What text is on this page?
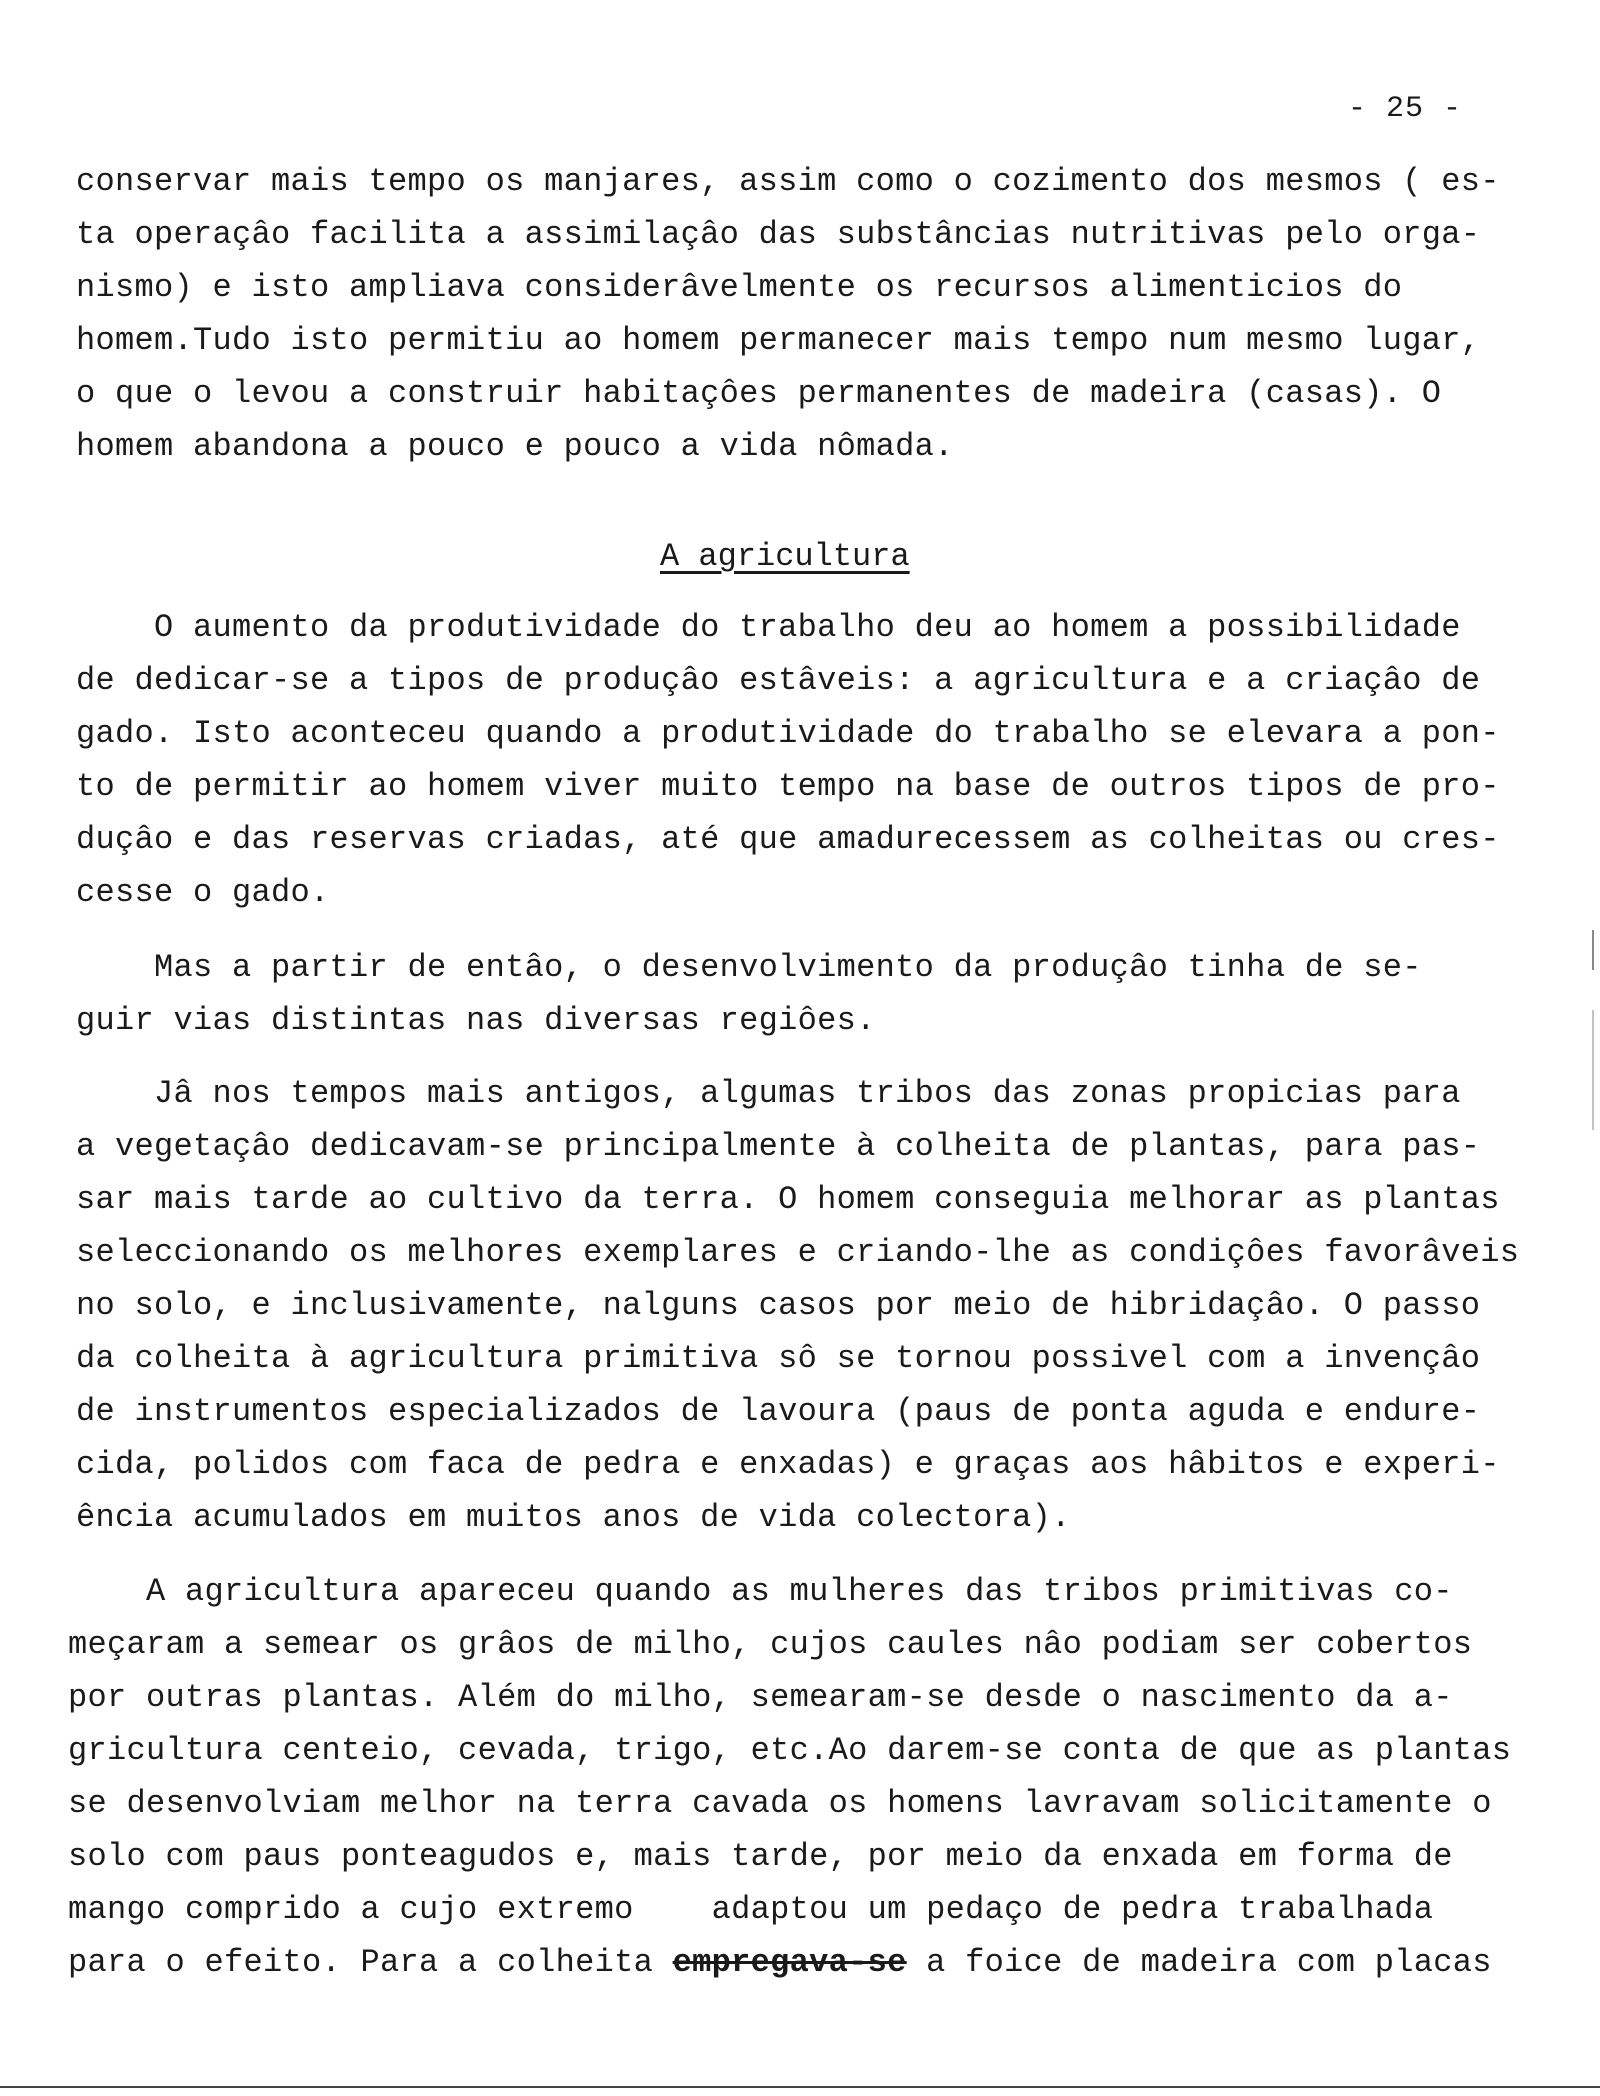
- 25 -
conservar mais tempo os manjares, assim como o cozimento dos mesmos ( es-
ta operaçâo facilita a assimilaçâo das substâncias nutritivas pelo orga-
nismo) e isto ampliava considerâvelmente os recursos alimenticios do
homem.Tudo isto permitiu ao homem permanecer mais tempo num mesmo lugar,
o que o levou a construir habitaçôes permanentes de madeira (casas). O
homem abandona a pouco e pouco a vida nômada.
A agricultura
O aumento da produtividade do trabalho deu ao homem a possibilidade
de dedicar-se a tipos de produçâo estâveis: a agricultura e a criaçâo de
gado. Isto aconteceu quando a produtividade do trabalho se elevara a pon-
to de permitir ao homem viver muito tempo na base de outros tipos de pro-
duçâo e das reservas criadas, até que amadurecessem as colheitas ou cres-
cesse o gado.
Mas a partir de entâo, o desenvolvimento da produçâo tinha de se-
guir vias distintas nas diversas regiôes.
Jâ nos tempos mais antigos, algumas tribos das zonas propicias para
a vegetaçâo dedicavam-se principalmente à colheita de plantas, para pas-
sar mais tarde ao cultivo da terra. O homem conseguia melhorar as plantas
seleccionando os melhores exemplares e criando-lhe as condiçôes favorâveis
no solo, e inclusivamente, nalguns casos por meio de hibridaçâo. O passo
da colheita à agricultura primitiva sô se tornou possivel com a invençâo
de instrumentos especializados de lavoura (paus de ponta aguda e endure-
cida, polidos com faca de pedra e enxadas) e graças aos hâbitos e experi-
ência acumulados em muitos anos de vida colectora).
A agricultura apareceu quando as mulheres das tribos primitivas co-
meçaram a semear os grâos de milho, cujos caules nâo podiam ser cobertos
por outras plantas. Além do milho, semearam-se desde o nascimento da a-
gricultura centeio, cevada, trigo, etc.Ao darem-se conta de que as plantas
se desenvolviam melhor na terra cavada os homens lavravam solicitamente o
solo com paus ponteagudos e, mais tarde, por meio da enxada em forma de
mango comprido a cujo extremo    adaptou um pedaço de pedra trabalhada
para o efeito. Para a colheita empregava-se a foice de madeira com placas
